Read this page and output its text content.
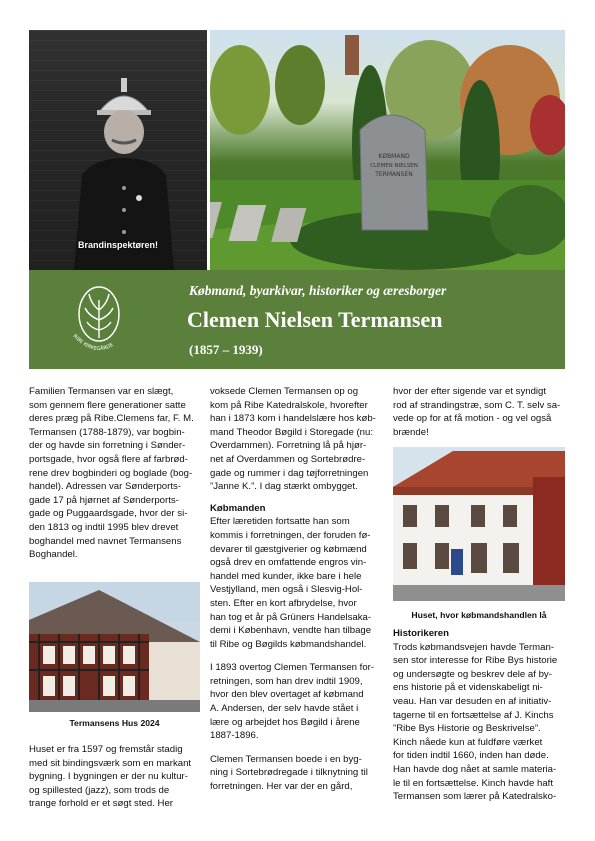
Brandinspektøren!
KØBMAND
CLEMEN NIELSEN
TERMANSEN
RIBE KIRKEGÅRDE
Købmand, byarkivar, historiker og æresborger
Clemen Nielsen Termansen
(1857 – 1939)

Familien Termansen var en slægt,

som gennem flere generationer satte

deres præg på Ribe.Clemens far, F. M.

Termansen (1788-1879), var bogbin-

der og havde sin forretning i Sønder-

portsgade, hvor også flere af farbrød-

rene drev bogbinderi og boglade (bog-

handel). Adressen var Sønderports-

gade 17 på hjørnet af Sønderports-

gade og Puggaardsgade, hvor der si-

den 1813 og indtil 1995 blev drevet

boghandel med navnet Termansens

Boghandel.

Termansens Hus 2024

Huset er fra 1597 og fremstår stadig

med sit bindingsværk som en markant

bygning. I bygningen er der nu kultur-

og spillested (jazz), som trods de

trange forhold er et søgt sted. Her

voksede Clemen Termansen op og

kom på Ribe Katedralskole, hvorefter

han i 1873 kom i handelslære hos køb-

mand Theodor Bøgild i Storegade (nu:

Overdammen). Forretning lå på hjør-

net af Overdammen og Sortebrødre-

gade og rummer i dag tøjforretningen

”Janne K.”. I dag stærkt ombygget.

Købmanden

Efter læretiden fortsatte han som

kommis i forretningen, der foruden fø-

devarer til gæstgiverier og købmænd

også drev en omfattende engros vin-

handel med kunder, ikke bare i hele

Vestjylland, men også i Slesvig-Hol-

sten. Efter en kort afbrydelse, hvor

han tog et år på Grüners Handelsaka-

demi i København, vendte han tilbage

til Ribe og Bøgilds købmandshandel.

I 1893 overtog Clemen Termansen for-

retningen, som han drev indtil 1909,

hvor den blev overtaget af købmand

A. Andersen, der selv havde stået i

lære og arbejdet hos Bøgild i årene

1887-1896.

Clemen Termansen boede i en byg-

ning i Sortebrødregade i tilknytning til

forretningen. Her var der en gård,

hvor der efter sigende var et syndigt

rod af strandingstræ, som C. T. selv sa-

vede op for at få motion - og vel også

brænde!

Huset, hvor købmandshandlen lå
Historikeren

Trods købmandsvejen havde Terman-

sen stor interesse for Ribe Bys historie

og undersøgte og beskrev dele af by-

ens historie på et videnskabeligt ni-

veau. Han var desuden en af initiativ-

tagerne til en fortsættelse af J. Kinchs

”Ribe Bys Historie og Beskrivelse”.

Kinch nåede kun at fuldføre værket

for tiden indtil 1660, inden han døde.

Han havde dog nået at samle materia-

le til en fortsættelse. Kinch havde haft

Termansen som lærer på Katedralsko-
